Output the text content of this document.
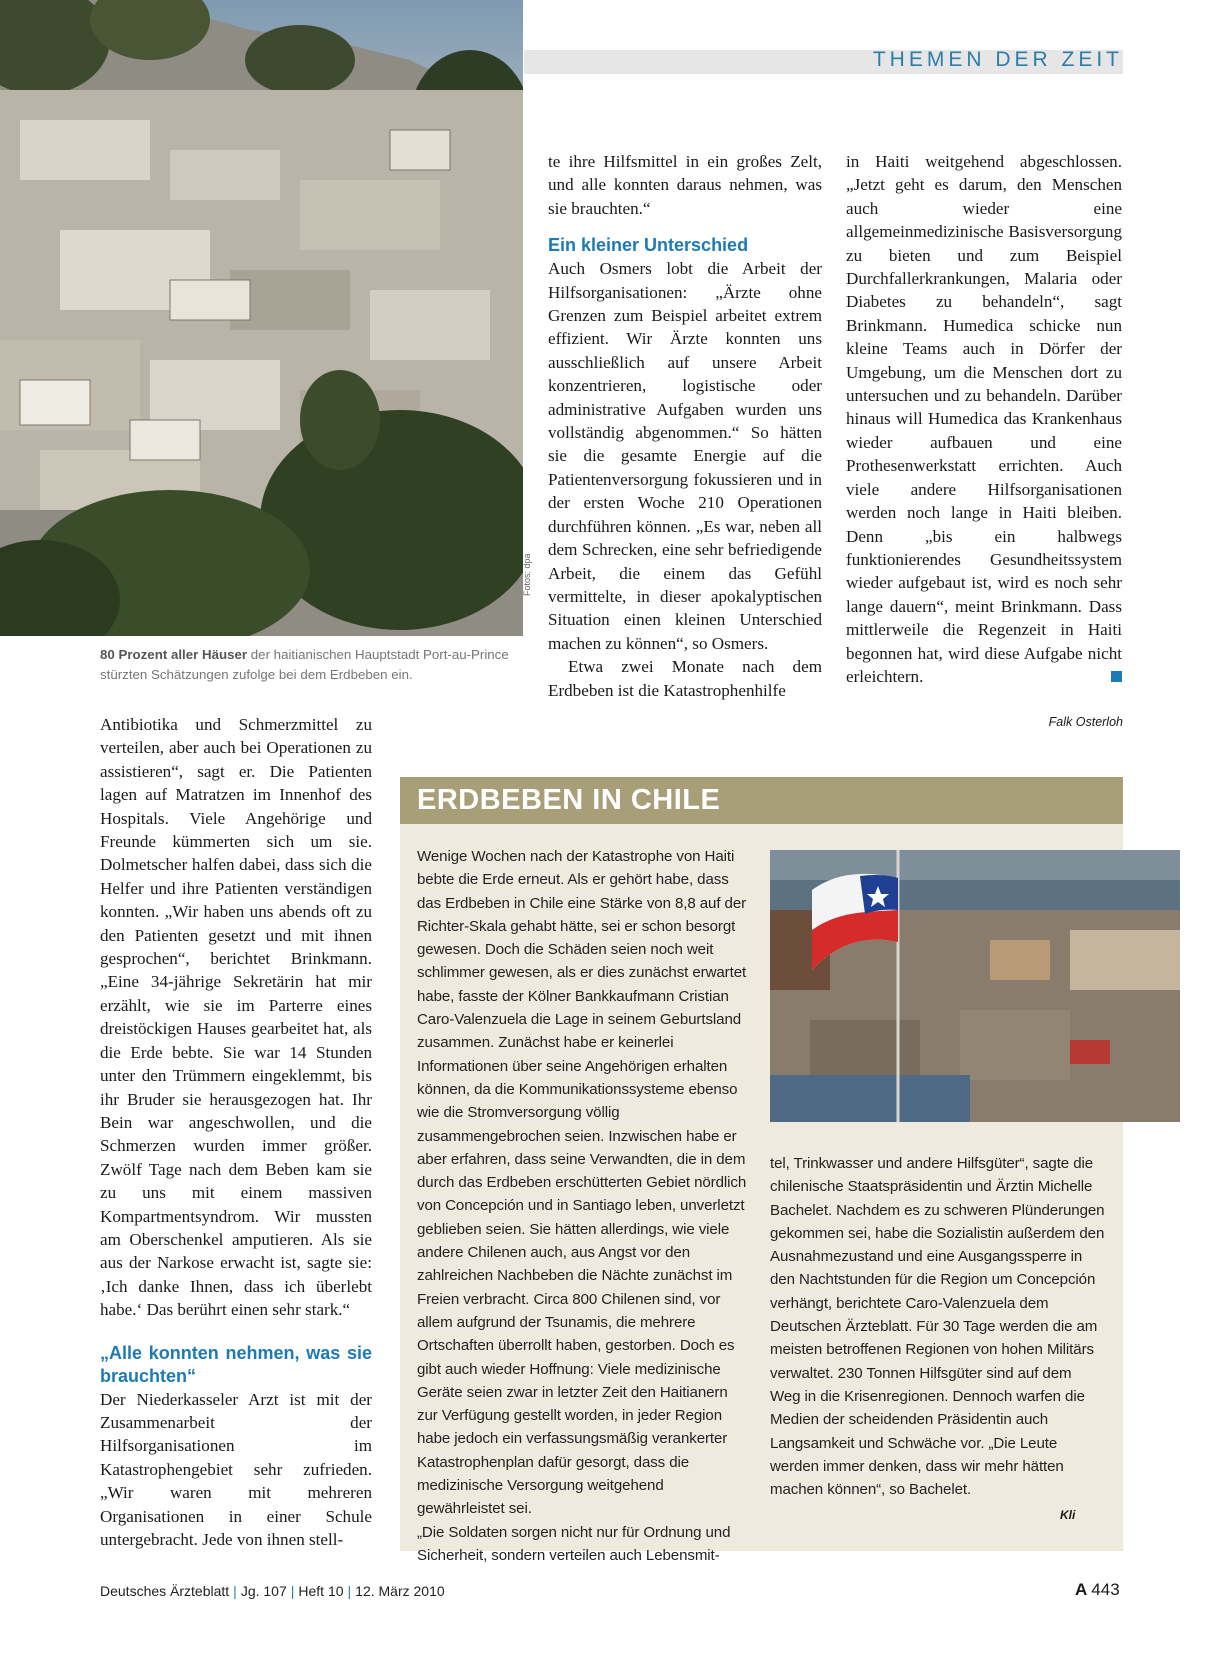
Fotos: dpa
THEMEN DER ZEIT
80 Prozent aller Häuser der haitianischen Hauptstadt Port-au-Prince stürzten Schätzungen zufolge bei dem Erdbeben ein.

Antibiotika und Schmerzmittel zu verteilen, aber auch bei Operationen zu assistieren“, sagt er. Die Patienten lagen auf Matratzen im Innenhof des Hospitals. Viele Angehörige und Freunde kümmerten sich um sie. Dolmetscher halfen dabei, dass sich die Helfer und ihre Patienten verständigen konnten. „Wir haben uns abends oft zu den Patienten gesetzt und mit ihnen gesprochen“, berichtet Brinkmann. „Eine 34-jährige Sekretärin hat mir erzählt, wie sie im Parterre eines dreistöckigen Hauses gearbeitet hat, als die Erde bebte. Sie war 14 Stunden unter den Trümmern eingeklemmt, bis ihr Bruder sie herausgezogen hat. Ihr Bein war angeschwollen, und die Schmerzen wurden immer größer. Zwölf Tage nach dem Beben kam sie zu uns mit einem massiven Kompartmentsyndrom. Wir mussten am Oberschenkel amputieren. Als sie aus der Narkose erwacht ist, sagte sie: ‚Ich danke Ihnen, dass ich überlebt habe.‘ Das berührt einen sehr stark.“

„Alle konnten nehmen, was sie brauchten“

Der Niederkasseler Arzt ist mit der Zusammenarbeit der Hilfsorganisationen im Katastrophengebiet sehr zufrieden. „Wir waren mit mehreren Organisationen in einer Schule untergebracht. Jede von ihnen stell-

te ihre Hilfsmittel in ein großes Zelt, und alle konnten daraus nehmen, was sie brauchten.“

Ein kleiner Unterschied

Auch Osmers lobt die Arbeit der Hilfsorganisationen: „Ärzte ohne Grenzen zum Beispiel arbeitet extrem effizient. Wir Ärzte konnten uns ausschließlich auf unsere Arbeit konzentrieren, logistische oder administrative Aufgaben wurden uns vollständig abgenommen.“ So hätten sie die gesamte Energie auf die Patientenversorgung fokussieren und in der ersten Woche 210 Operationen durchführen können. „Es war, neben all dem Schrecken, eine sehr befriedigende Arbeit, die einem das Gefühl vermittelte, in dieser apokalyptischen Situation einen kleinen Unterschied machen zu können“, so Osmers.

Etwa zwei Monate nach dem Erdbeben ist die Katastrophenhilfe

in Haiti weitgehend abgeschlossen. „Jetzt geht es darum, den Menschen auch wieder eine allgemeinmedizinische Basisversorgung zu bieten und zum Beispiel Durchfallerkrankungen, Malaria oder Diabetes zu behandeln“, sagt Brinkmann. Humedica schicke nun kleine Teams auch in Dörfer der Umgebung, um die Menschen dort zu untersuchen und zu behandeln. Darüber hinaus will Humedica das Krankenhaus wieder aufbauen und eine Prothesenwerkstatt errichten. Auch viele andere Hilfsorganisationen werden noch lange in Haiti bleiben. Denn „bis ein halbwegs funktionierendes Gesundheitssystem wieder aufgebaut ist, wird es noch sehr lange dauern“, meint Brinkmann. Dass mittlerweile die Regenzeit in Haiti begonnen hat, wird diese Aufgabe nicht erleichtern.

Falk Osterloh
ERDBEBEN IN CHILE

Wenige Wochen nach der Katastrophe von Haiti bebte die Erde erneut. Als er gehört habe, dass das Erdbeben in Chile eine Stärke von 8,8 auf der Richter-Skala gehabt hätte, sei er schon besorgt gewesen. Doch die Schäden seien noch weit schlimmer gewesen, als er dies zunächst erwartet habe, fasste der Kölner Bankkaufmann Cristian Caro-Valenzuela die Lage in seinem Geburtsland zusammen. Zunächst habe er keinerlei Informationen über seine Angehörigen erhalten können, da die Kommunikationssysteme ebenso wie die Stromversorgung völlig zusammengebrochen seien. Inzwischen habe er aber erfahren, dass seine Verwandten, die in dem durch das Erdbeben erschütterten Gebiet nördlich von Concepción und in Santiago leben, unverletzt geblieben seien. Sie hätten allerdings, wie viele andere Chilenen auch, aus Angst vor den zahlreichen Nachbeben die Nächte zunächst im Freien verbracht. Circa 800 Chilenen sind, vor allem aufgrund der Tsunamis, die mehrere Ortschaften überrollt haben, gestorben. Doch es gibt auch wieder Hoffnung: Viele medizinische Geräte seien zwar in letzter Zeit den Haitianern zur Verfügung gestellt worden, in jeder Region habe jedoch ein verfassungsmäßig verankerter Katastrophenplan dafür gesorgt, dass die medizinische Versorgung weitgehend gewährleistet sei.

„Die Soldaten sorgen nicht nur für Ordnung und Sicherheit, sondern verteilen auch Lebensmit-

tel, Trinkwasser und andere Hilfsgüter“, sagte die chilenische Staatspräsidentin und Ärztin Michelle Bachelet. Nachdem es zu schweren Plünderungen gekommen sei, habe die Sozialistin außerdem den Ausnahmezustand und eine Ausgangssperre in den Nachtstunden für die Region um Concepción verhängt, berichtete Caro-Valenzuela dem Deutschen Ärzteblatt. Für 30 Tage werden die am meisten betroffenen Regionen von hohen Militärs verwaltet. 230 Tonnen Hilfsgüter sind auf dem Weg in die Krisenregionen. Dennoch warfen die Medien der scheidenden Präsidentin auch Langsamkeit und Schwäche vor. „Die Leute werden immer denken, dass wir mehr hätten machen können“, so Bachelet.

Kli
Deutsches Ärzteblatt | Jg. 107 | Heft 10 | 12. März 2010	A 443
